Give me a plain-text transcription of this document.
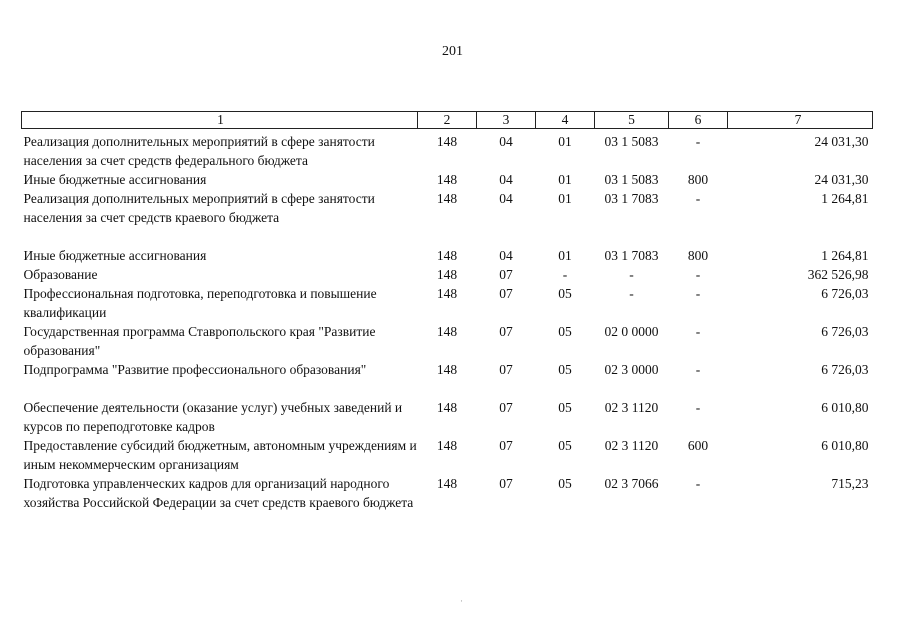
201
1	2	3	4	5	6	7
Реализация дополнительных мероприятий в сфере занятости населения за счет средств федерального бюджета	148	04	01	03 1 5083	-	24 031,30
Иные бюджетные ассигнования	148	04	01	03 1 5083	800	24 031,30
Реализация дополнительных мероприятий в сфере занятости населения за счет средств краевого бюджета	148	04	01	03 1 7083	-	1 264,81
Иные бюджетные ассигнования	148	04	01	03 1 7083	800	1 264,81
Образование	148	07	-	-	-	362 526,98
Профессиональная подготовка, переподготовка и повышение квалификации	148	07	05	-	-	6 726,03
Государственная программа Ставропольского края "Развитие образования"	148	07	05	02 0 0000	-	6 726,03
Подпрограмма "Развитие профессионального образования"	148	07	05	02 3 0000	-	6 726,03
Обеспечение деятельности (оказание услуг) учебных заведений и курсов по переподготовке кадров	148	07	05	02 3 1120	-	6 010,80
Предоставление субсидий бюджетным, автономным учреждениям и иным некоммерческим организациям	148	07	05	02 3 1120	600	6 010,80
Подготовка управленческих кадров для организаций народного хозяйства Российской Федерации за счет средств краевого бюджета	148	07	05	02 3 7066	-	715,23
·
